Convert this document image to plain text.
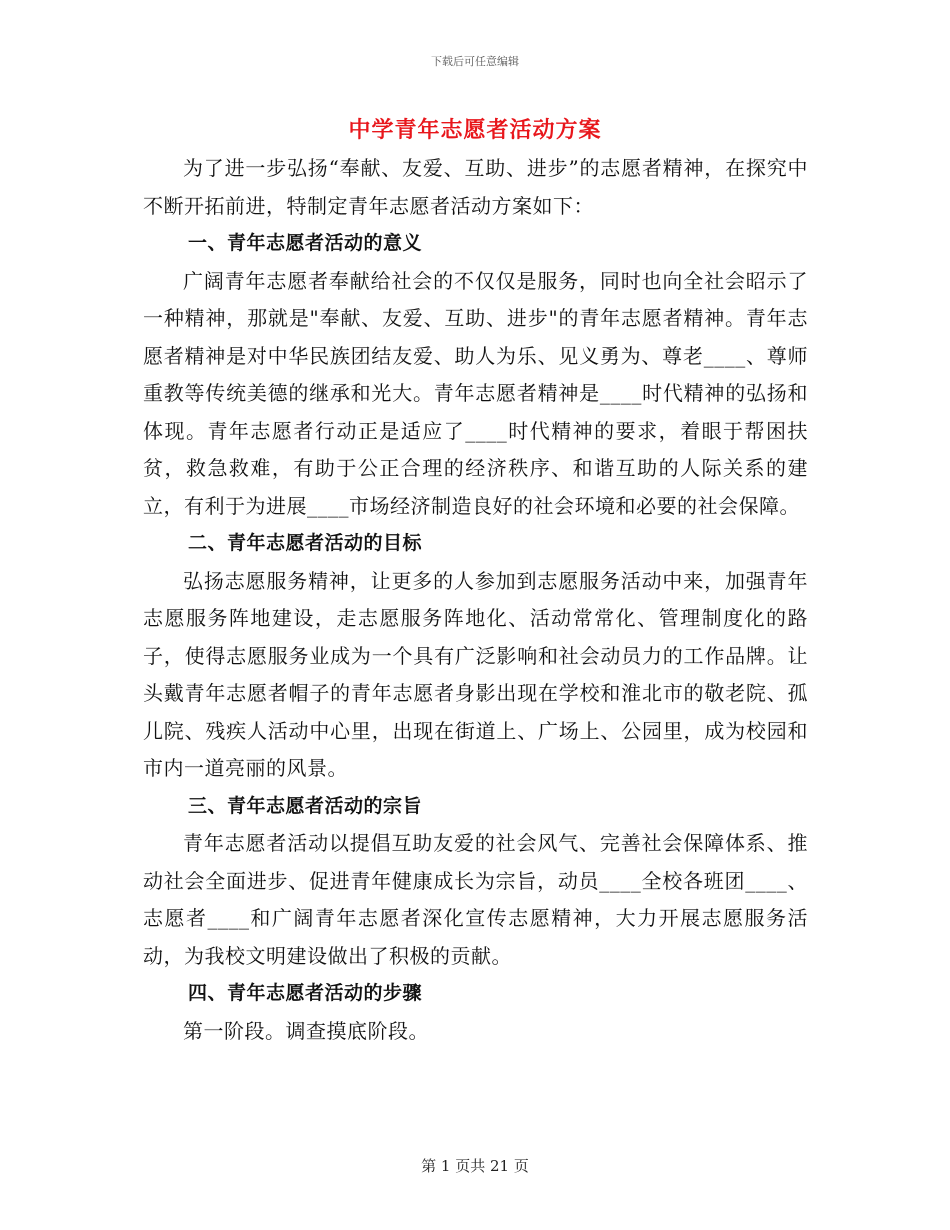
下载后可任意编辑
中学青年志愿者活动方案

为了进一步弘扬“奉献、友爱、互助、进步”的志愿者精神，在探究中不断开拓前进，特制定青年志愿者活动方案如下：

一、青年志愿者活动的意义

广阔青年志愿者奉献给社会的不仅仅是服务，同时也向全社会昭示了一种精神，那就是"奉献、友爱、互助、进步"的青年志愿者精神。青年志愿者精神是对中华民族团结友爱、助人为乐、见义勇为、尊老____、尊师重教等传统美德的继承和光大。青年志愿者精神是____时代精神的弘扬和体现。青年志愿者行动正是适应了____时代精神的要求，着眼于帮困扶贫，救急救难，有助于公正合理的经济秩序、和谐互助的人际关系的建立，有利于为进展____市场经济制造良好的社会环境和必要的社会保障。

二、青年志愿者活动的目标

弘扬志愿服务精神，让更多的人参加到志愿服务活动中来，加强青年志愿服务阵地建设，走志愿服务阵地化、活动常常化、管理制度化的路子，使得志愿服务业成为一个具有广泛影响和社会动员力的工作品牌。让头戴青年志愿者帽子的青年志愿者身影出现在学校和淮北市的敬老院、孤儿院、残疾人活动中心里，出现在街道上、广场上、公园里，成为校园和市内一道亮丽的风景。

三、青年志愿者活动的宗旨

青年志愿者活动以提倡互助友爱的社会风气、完善社会保障体系、推动社会全面进步、促进青年健康成长为宗旨，动员____全校各班团____、志愿者____和广阔青年志愿者深化宣传志愿精神，大力开展志愿服务活动，为我校文明建设做出了积极的贡献。

四、青年志愿者活动的步骤

第一阶段。调查摸底阶段。

第 1 页共 21 页
